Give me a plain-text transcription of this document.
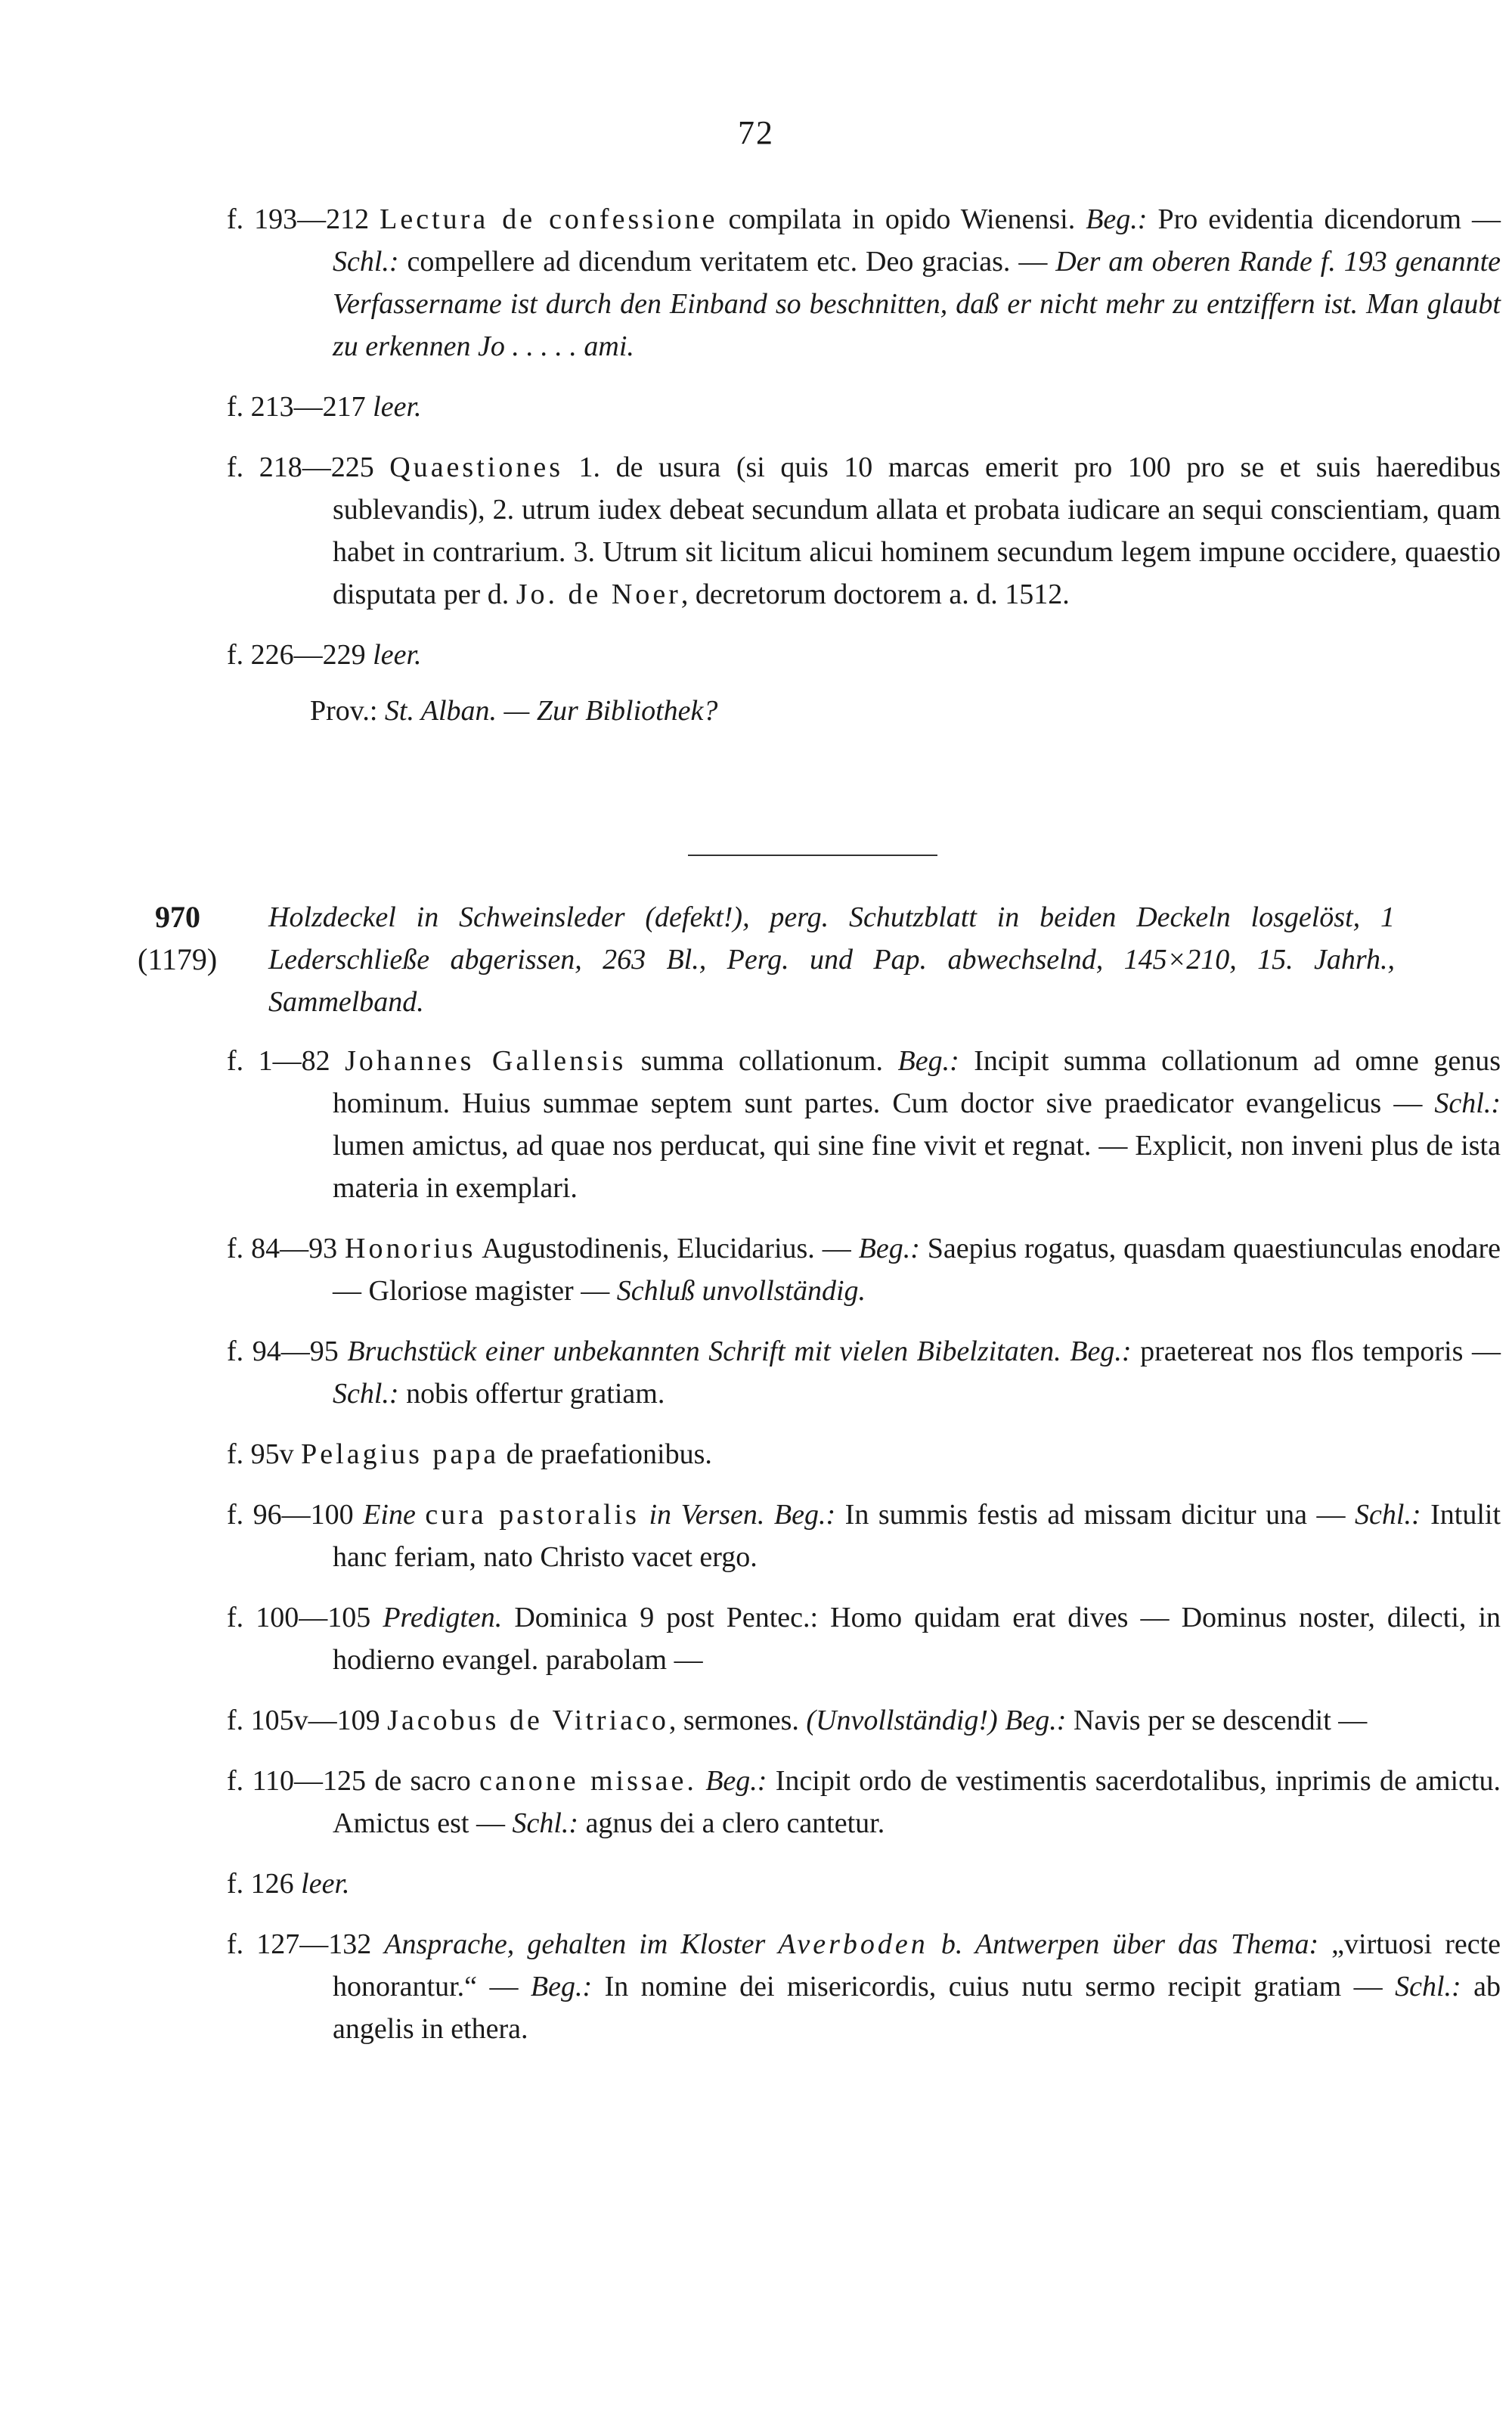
72
f. 193—212 Lectura de confessione compilata in opido Wienensi. Beg.: Pro evidentia dicendorum — Schl.: compellere ad dicendum veritatem etc. Deo gracias. — Der am oberen Rande f. 193 genannte Verfassername ist durch den Einband so beschnitten, daß er nicht mehr zu entziffern ist. Man glaubt zu erkennen Jo . . . . . ami.
f. 213—217 leer.
f. 218—225 Quaestiones 1. de usura (si quis 10 marcas emerit pro 100 pro se et suis haeredibus sublevandis), 2. utrum iudex debeat secundum allata et probata iudicare an sequi conscientiam, quam habet in contrarium. 3. Utrum sit licitum alicui hominem secundum legem impune occidere, quaestio disputata per d. Jo. de Noer, decretorum doctorem a. d. 1512.
f. 226—229 leer.
Prov.: St. Alban. — Zur Bibliothek?
970
(1179)
Holzdeckel in Schweinsleder (defekt!), perg. Schutzblatt in beiden Deckeln losgelöst, 1 Lederschließe abgerissen, 263 Bl., Perg. und Pap. abwechselnd, 145×210, 15. Jahrh., Sammelband.
f. 1—82 Johannes Gallensis summa collationum. Beg.: Incipit summa collationum ad omne genus hominum. Huius summae septem sunt partes. Cum doctor sive praedicator evangelicus — Schl.: lumen amictus, ad quae nos perducat, qui sine fine vivit et regnat. — Explicit, non inveni plus de ista materia in exemplari.
f. 84—93 Honorius Augustodinenis, Elucidarius. — Beg.: Saepius rogatus, quasdam quaestiunculas enodare — Gloriose magister — Schluß unvollständig.
f. 94—95 Bruchstück einer unbekannten Schrift mit vielen Bibelzitaten. Beg.: praetereat nos flos temporis — Schl.: nobis offertur gratiam.
f. 95v Pelagius papa de praefationibus.
f. 96—100 Eine cura pastoralis in Versen. Beg.: In summis festis ad missam dicitur una — Schl.: Intulit hanc feriam, nato Christo vacet ergo.
f. 100—105 Predigten. Dominica 9 post Pentec.: Homo quidam erat dives — Dominus noster, dilecti, in hodierno evangel. parabolam —
f. 105v—109 Jacobus de Vitriaco, sermones. (Unvollständig!) Beg.: Navis per se descendit —
f. 110—125 de sacro canone missae. Beg.: Incipit ordo de vestimentis sacerdotalibus, inprimis de amictu. Amictus est — Schl.: agnus dei a clero cantetur.
f. 126 leer.
f. 127—132 Ansprache, gehalten im Kloster Averboden b. Antwerpen über das Thema: „virtuosi recte honorantur.“ — Beg.: In nomine dei misericordis, cuius nutu sermo recipit gratiam — Schl.: ab angelis in ethera.
